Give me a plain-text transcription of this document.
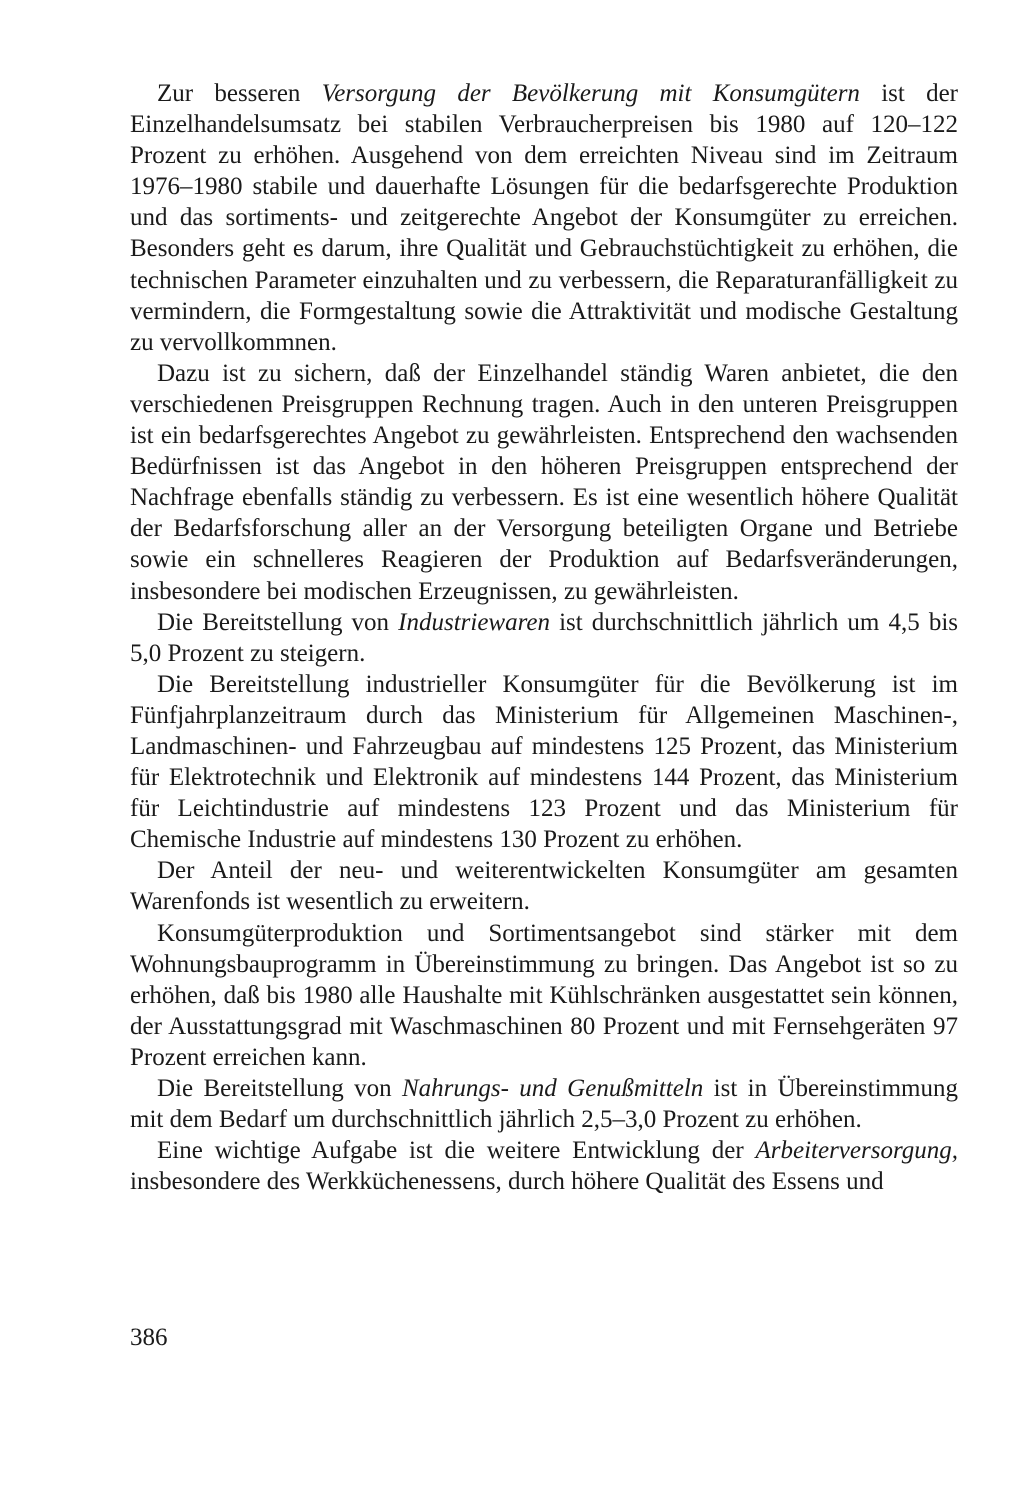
Zur besseren Versorgung der Bevölkerung mit Konsumgütern ist der Einzelhandelsumsatz bei stabilen Verbraucherpreisen bis 1980 auf 120–122 Prozent zu erhöhen. Ausgehend von dem erreichten Niveau sind im Zeitraum 1976–1980 stabile und dauerhafte Lösungen für die bedarfsgerechte Produktion und das sortiments- und zeitgerechte Angebot der Konsumgüter zu erreichen. Besonders geht es darum, ihre Qualität und Gebrauchstüchtigkeit zu erhöhen, die technischen Parameter einzuhalten und zu verbessern, die Reparaturanfälligkeit zu vermindern, die Formgestaltung sowie die Attraktivität und modische Gestaltung zu vervollkommnen.

Dazu ist zu sichern, daß der Einzelhandel ständig Waren anbietet, die den verschiedenen Preisgruppen Rechnung tragen. Auch in den unteren Preisgruppen ist ein bedarfsgerechtes Angebot zu gewährleisten. Entsprechend den wachsenden Bedürfnissen ist das Angebot in den höheren Preisgruppen entsprechend der Nachfrage ebenfalls ständig zu verbessern. Es ist eine wesentlich höhere Qualität der Bedarfsforschung aller an der Versorgung beteiligten Organe und Betriebe sowie ein schnelleres Reagieren der Produktion auf Bedarfsveränderungen, insbesondere bei modischen Erzeugnissen, zu gewährleisten.

Die Bereitstellung von Industriewaren ist durchschnittlich jährlich um 4,5 bis 5,0 Prozent zu steigern.

Die Bereitstellung industrieller Konsumgüter für die Bevölkerung ist im Fünfjahrplanzeitraum durch das Ministerium für Allgemeinen Maschinen-, Landmaschinen- und Fahrzeugbau auf mindestens 125 Prozent, das Ministerium für Elektrotechnik und Elektronik auf mindestens 144 Prozent, das Ministerium für Leichtindustrie auf mindestens 123 Prozent und das Ministerium für Chemische Industrie auf mindestens 130 Prozent zu erhöhen.

Der Anteil der neu- und weiterentwickelten Konsumgüter am gesamten Warenfonds ist wesentlich zu erweitern.

Konsumgüterproduktion und Sortimentsangebot sind stärker mit dem Wohnungsbauprogramm in Übereinstimmung zu bringen. Das Angebot ist so zu erhöhen, daß bis 1980 alle Haushalte mit Kühlschränken ausgestattet sein können, der Ausstattungsgrad mit Waschmaschinen 80 Prozent und mit Fernsehgeräten 97 Prozent erreichen kann.

Die Bereitstellung von Nahrungs- und Genußmitteln ist in Übereinstimmung mit dem Bedarf um durchschnittlich jährlich 2,5–3,0 Prozent zu erhöhen.

Eine wichtige Aufgabe ist die weitere Entwicklung der Arbeiterversorgung, insbesondere des Werkküchenessens, durch höhere Qualität des Essens und

386
